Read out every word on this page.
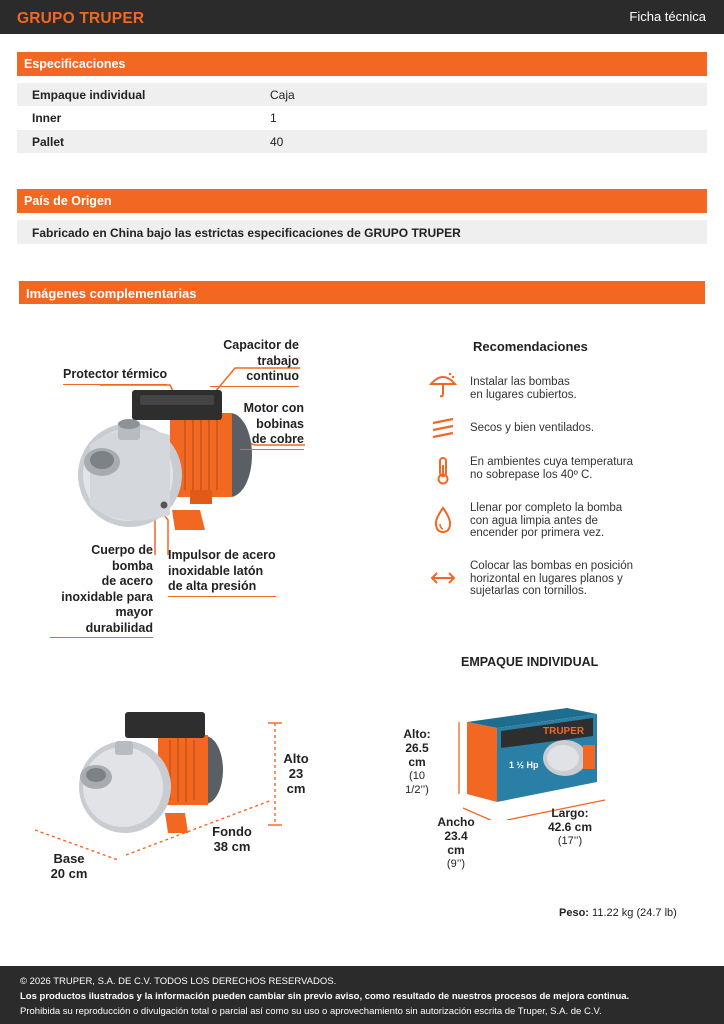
GRUPO TRUPER	Ficha técnica
Especificaciones
Empaque individual	Caja
Inner	1
Pallet	40
País de Origen
Fabricado en China bajo las estrictas especificaciones de GRUPO TRUPER
Imágenes complementarias
Capacitor de
trabajo continuo
Protector térmico
Motor con
bobinas
de cobre
Cuerpo de bomba
de acero
inoxidable para
mayor durabilidad
Impulsor de acero
inoxidable latón
de alta presión
Recomendaciones
Instalar las bombas
en lugares cubiertos.
Secos y bien ventilados.
En ambientes cuya temperatura
no sobrepase los 40º C.
Llenar por completo la bomba
con agua limpia antes de
encender por primera vez.
Colocar las bombas en posición
horizontal en lugares planos y
sujetarlas con tornillos.
Alto
23 cm
Fondo
38 cm
Base
20 cm
EMPAQUE INDIVIDUAL
1 ½ Hp
TRUPER
Alto:
26.5 cm
(10 1/2’’)
Ancho
23.4 cm
(9’’)
Largo:
42.6 cm
(17’’)
Peso: 11.22 kg (24.7 lb)
© 2026 TRUPER, S.A. DE C.V. TODOS LOS DERECHOS RESERVADOS.
Los productos ilustrados y la información pueden cambiar sin previo aviso, como resultado de nuestros procesos de mejora continua.
Prohibida su reproducción o divulgación total o parcial así como su uso o aprovechamiento sin autorización escrita de Truper, S.A. de C.V.
